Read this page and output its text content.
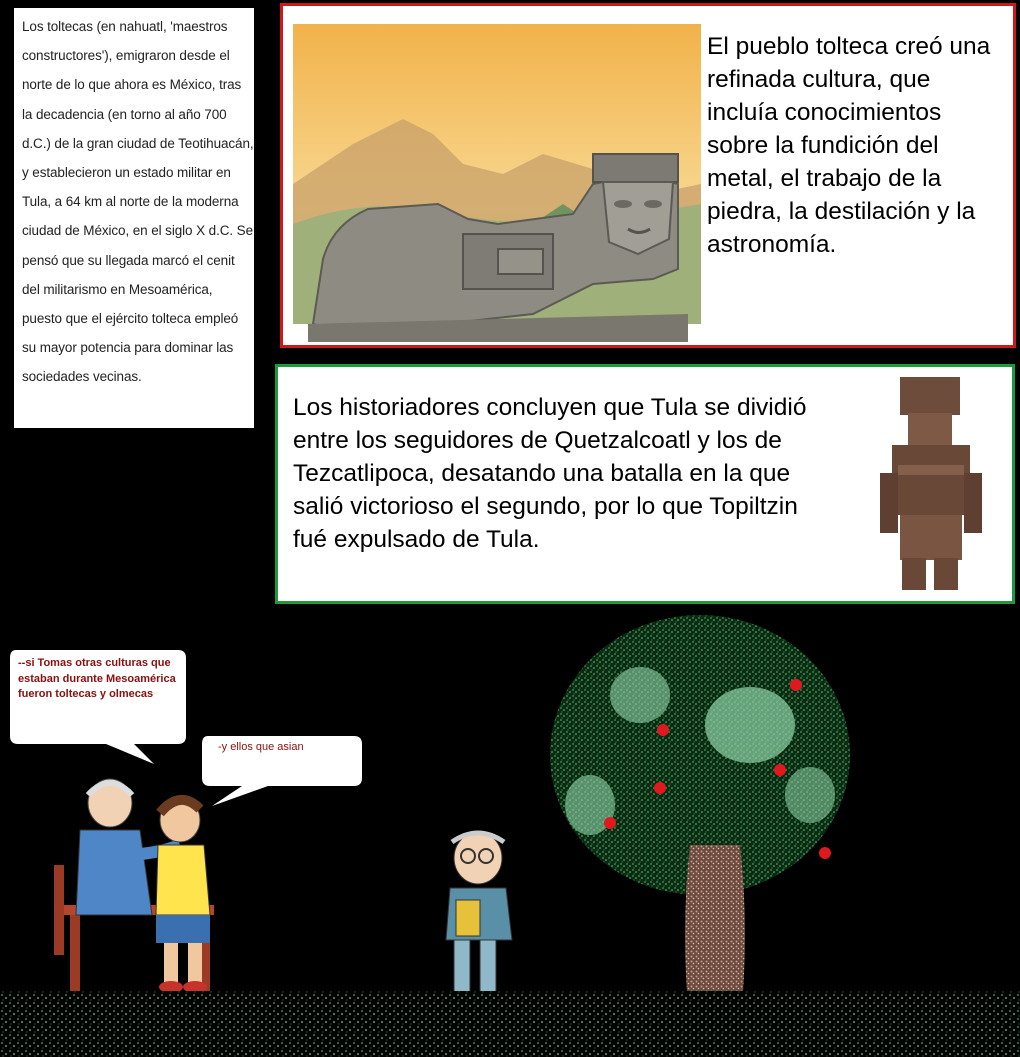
Los toltecas (en nahuatl, 'maestros constructores'), emigraron desde el norte de lo que ahora es México, tras la decadencia (en torno al año 700 d.C.) de la gran ciudad de Teotihuacán, y establecieron un estado militar en Tula, a 64 km al norte de la moderna ciudad de México, en el siglo X d.C. Se pensó que su llegada marcó el cenit del militarismo en Mesoamérica, puesto que el ejército tolteca empleó su mayor potencia para dominar las sociedades vecinas.
El pueblo tolteca creó una refinada cultura, que incluía conocimientos sobre la fundición del metal, el trabajo de la piedra, la destilación y la astronomía.
Los historiadores concluyen que Tula se dividió entre los seguidores de Quetzalcoatl y los de Tezcatlipoca, desatando una batalla en la que salió victorioso el segundo, por lo que Topiltzin fué expulsado de Tula.
--si Tomas otras culturas que estaban durante Mesoamérica fueron toltecas y olmecas
-y ellos que asian
